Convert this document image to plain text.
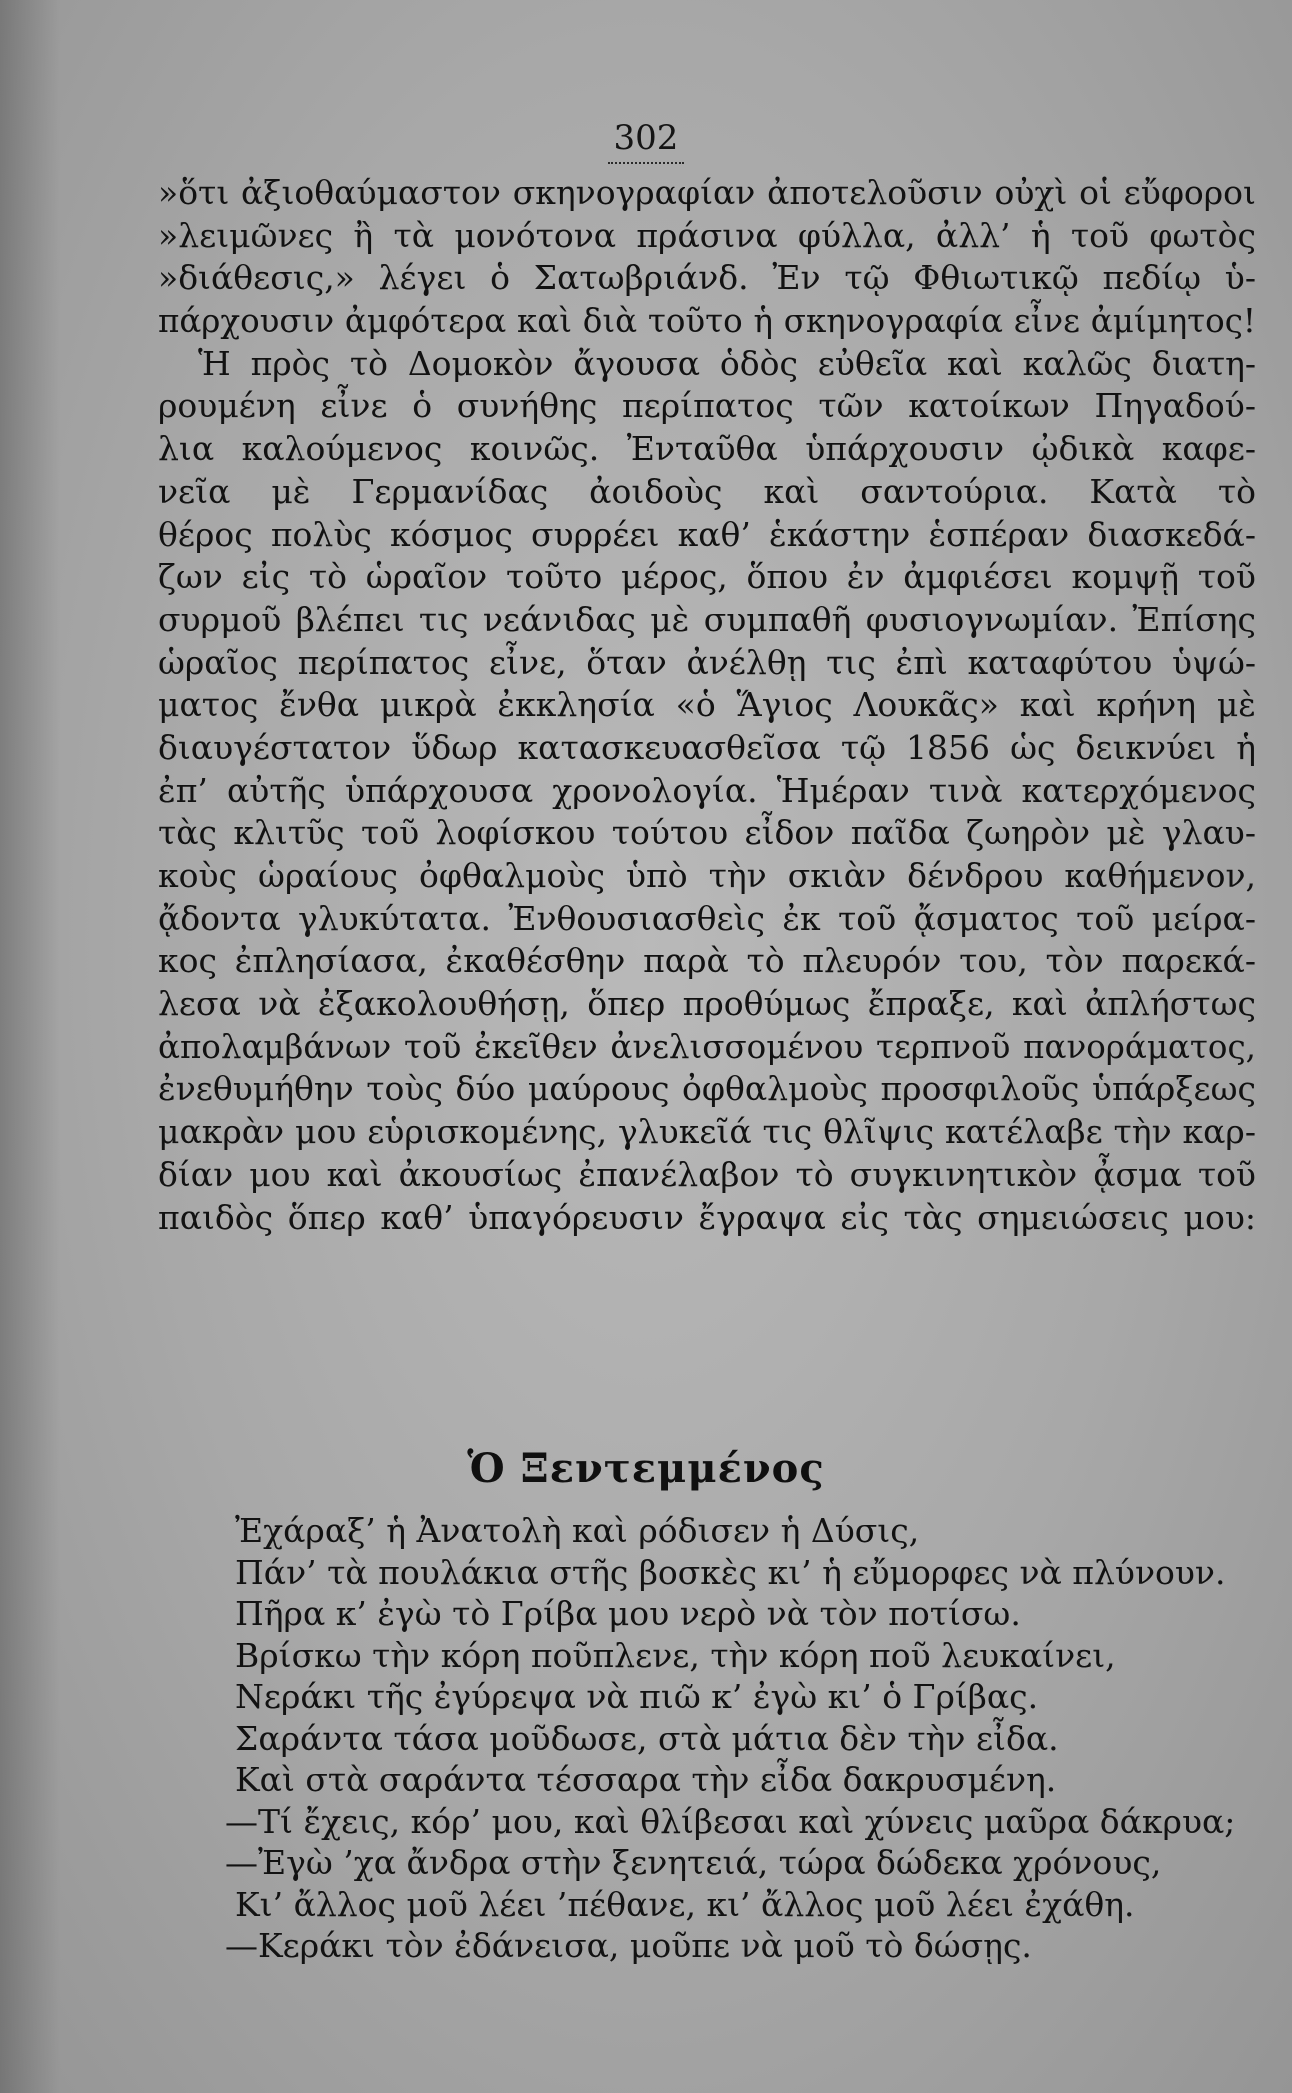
302
»ὅτι ἀξιοθαύμαστον σκηνογραφίαν ἀποτελοῦσιν οὐχὶ οἱ εὔφοροι
»λειμῶνες ἢ τὰ μονότονα πράσινα φύλλα, ἀλλ’ ἡ τοῦ φωτὸς
»διάθεσις,» λέγει ὁ Σατωβριάνδ. Ἐν τῷ Φθιωτικῷ πεδίῳ ὑ-
πάρχουσιν ἀμφότερα καὶ διὰ τοῦτο ἡ σκηνογραφία εἶνε ἀμίμητος!
Ἡ πρὸς τὸ Δομοκὸν ἄγουσα ὁδὸς εὐθεῖα καὶ καλῶς διατη-
ρουμένη εἶνε ὁ συνήθης περίπατος τῶν κατοίκων Πηγαδού-
λια καλούμενος κοινῶς. Ἐνταῦθα ὑπάρχουσιν ᾠδικὰ καφε-
νεῖα μὲ Γερμανίδας ἀοιδοὺς καὶ σαντούρια. Κατὰ τὸ
θέρος πολὺς κόσμος συρρέει καθ’ ἑκάστην ἑσπέραν διασκεδά-
ζων εἰς τὸ ὡραῖον τοῦτο μέρος, ὅπου ἐν ἀμφιέσει κομψῇ τοῦ
συρμοῦ βλέπει τις νεάνιδας μὲ συμπαθῆ φυσιογνωμίαν. Ἐπίσης
ὡραῖος περίπατος εἶνε, ὅταν ἀνέλθῃ τις ἐπὶ καταφύτου ὑψώ-
ματος ἔνθα μικρὰ ἐκκλησία «ὁ Ἅγιος Λουκᾶς» καὶ κρήνη μὲ
διαυγέστατον ὕδωρ κατασκευασθεῖσα τῷ 1856 ὡς δεικνύει ἡ
ἐπ’ αὐτῆς ὑπάρχουσα χρονολογία. Ἡμέραν τινὰ κατερχόμενος
τὰς κλιτῦς τοῦ λοφίσκου τούτου εἶδον παῖδα ζωηρὸν μὲ γλαυ-
κοὺς ὡραίους ὀφθαλμοὺς ὑπὸ τὴν σκιὰν δένδρου καθήμενον,
ᾄδοντα γλυκύτατα. Ἐνθουσιασθεὶς ἐκ τοῦ ᾄσματος τοῦ μείρα-
κος ἐπλησίασα, ἐκαθέσθην παρὰ τὸ πλευρόν του, τὸν παρεκά-
λεσα νὰ ἐξακολουθήσῃ, ὅπερ προθύμως ἔπραξε, καὶ ἀπλήστως
ἀπολαμβάνων τοῦ ἐκεῖθεν ἀνελισσομένου τερπνοῦ πανοράματος,
ἐνεθυμήθην τοὺς δύο μαύρους ὀφθαλμοὺς προσφιλοῦς ὑπάρξεως
μακρὰν μου εὑρισκομένης, γλυκεῖά τις θλῖψις κατέλαβε τὴν καρ-
δίαν μου καὶ ἀκουσίως ἐπανέλαβον τὸ συγκινητικὸν ᾆσμα τοῦ
παιδὸς ὅπερ καθ’ ὑπαγόρευσιν ἔγραψα εἰς τὰς σημειώσεις μου:
Ὁ Ξεντεμμένος
Ἐχάραξ’ ἡ Ἀνατολὴ καὶ ρόδισεν ἡ Δύσις,
Πάν’ τὰ πουλάκια στῆς βοσκὲς κι’ ἡ εὔμορφες νὰ πλύνουν.
Πῆρα κ’ ἐγὼ τὸ Γρίβα μου νερὸ νὰ τὸν ποτίσω.
Βρίσκω τὴν κόρη ποῦπλενε, τὴν κόρη ποῦ λευκαίνει,
Νεράκι τῆς ἐγύρεψα νὰ πιῶ κ’ ἐγὼ κι’ ὁ Γρίβας.
Σαράντα τάσα μοῦδωσε, στὰ μάτια δὲν τὴν εἶδα.
Καὶ στὰ σαράντα τέσσαρα τὴν εἶδα δακρυσμένη.
—Τί ἔχεις, κόρ’ μου, καὶ θλίβεσαι καὶ χύνεις μαῦρα δάκρυα;
—Ἐγὼ ’χα ἄνδρα στὴν ξενητειά, τώρα δώδεκα χρόνους,
Κι’ ἄλλος μοῦ λέει ’πέθανε, κι’ ἄλλος μοῦ λέει ἐχάθη.
—Κεράκι τὸν ἐδάνεισα, μοῦπε νὰ μοῦ τὸ δώσῃς.
